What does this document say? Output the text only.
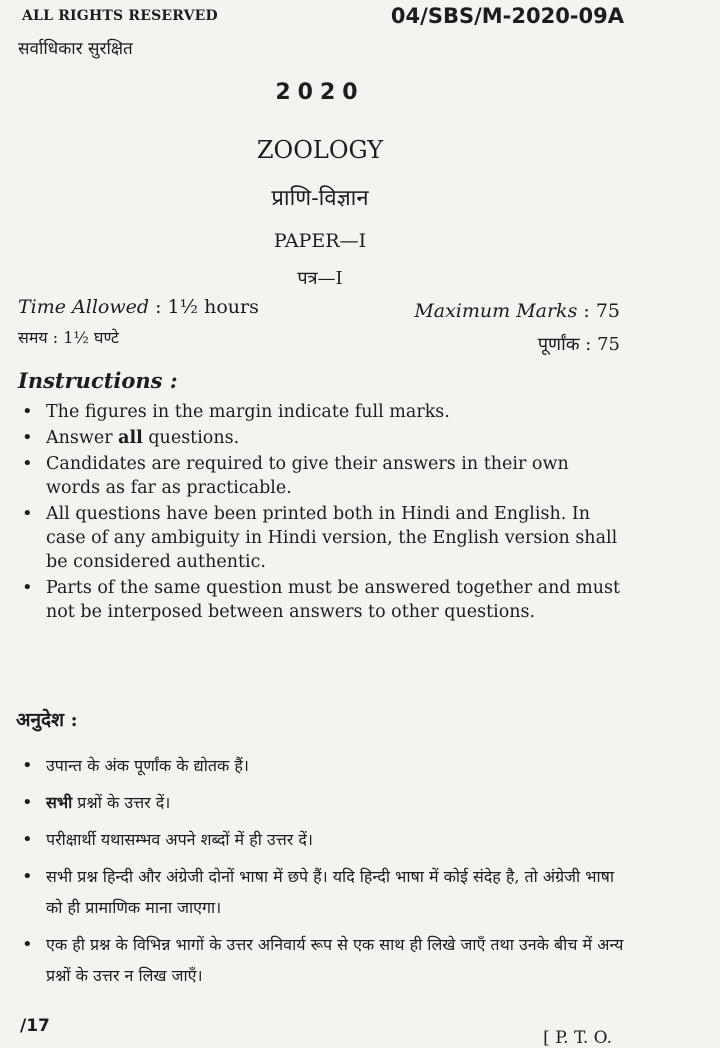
ALL RIGHTS RESERVED
सर्वाधिकार सुरक्षित
04/SBS/M-2020-09A
2020
ZOOLOGY
प्राणि-विज्ञान
PAPER—I
पत्र—I
Time Allowed : 1½ hours
समय : 1½ घण्टे
Maximum Marks : 75
पूर्णांक : 75
Instructions :
• The figures in the margin indicate full marks.
• Answer all questions.
• Candidates are required to give their answers in their own words as far as practicable.
• All questions have been printed both in Hindi and English. In case of any ambiguity in Hindi version, the English version shall be considered authentic.
• Parts of the same question must be answered together and must not be interposed between answers to other questions.
अनुदेश :
• उपान्त के अंक पूर्णांक के द्योतक हैं।
• सभी प्रश्नों के उत्तर दें।
• परीक्षार्थी यथासम्भव अपने शब्दों में ही उत्तर दें।
• सभी प्रश्न हिन्दी और अंग्रेजी दोनों भाषा में छपे हैं। यदि हिन्दी भाषा में कोई संदेह है, तो अंग्रेजी भाषा को ही प्रामाणिक माना जाएगा।
• एक ही प्रश्न के विभिन्न भागों के उत्तर अनिवार्य रूप से एक साथ ही लिखे जाएँ तथा उनके बीच में अन्य प्रश्नों के उत्तर न लिख जाएँ।
/17
[ P. T. O.
